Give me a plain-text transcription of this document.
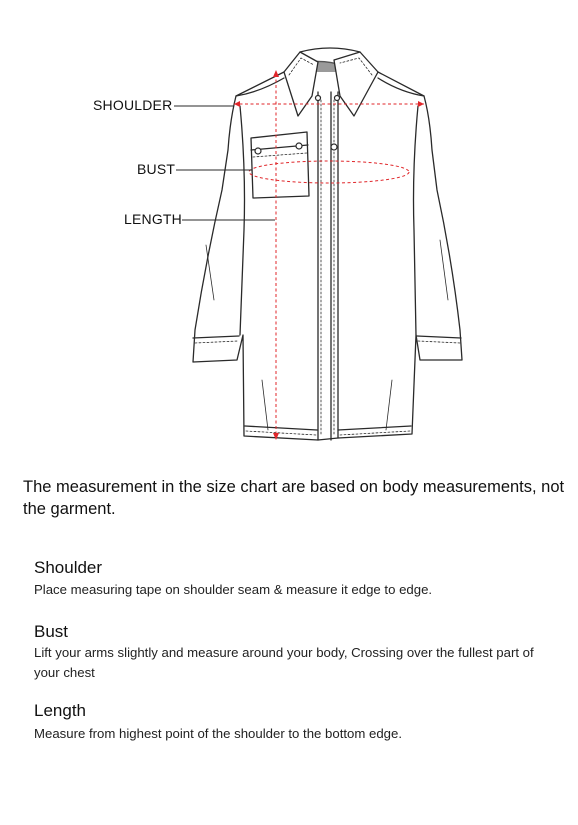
SHOULDER
BUST
LENGTH
The measurement in the size chart are based on body measurements, not the garment.
Shoulder
Place measuring tape on shoulder seam & measure it edge to edge.
Bust
Lift your arms slightly and measure around your body, Crossing over the fullest part of your chest
Length
Measure from highest point of the shoulder to the bottom edge.
